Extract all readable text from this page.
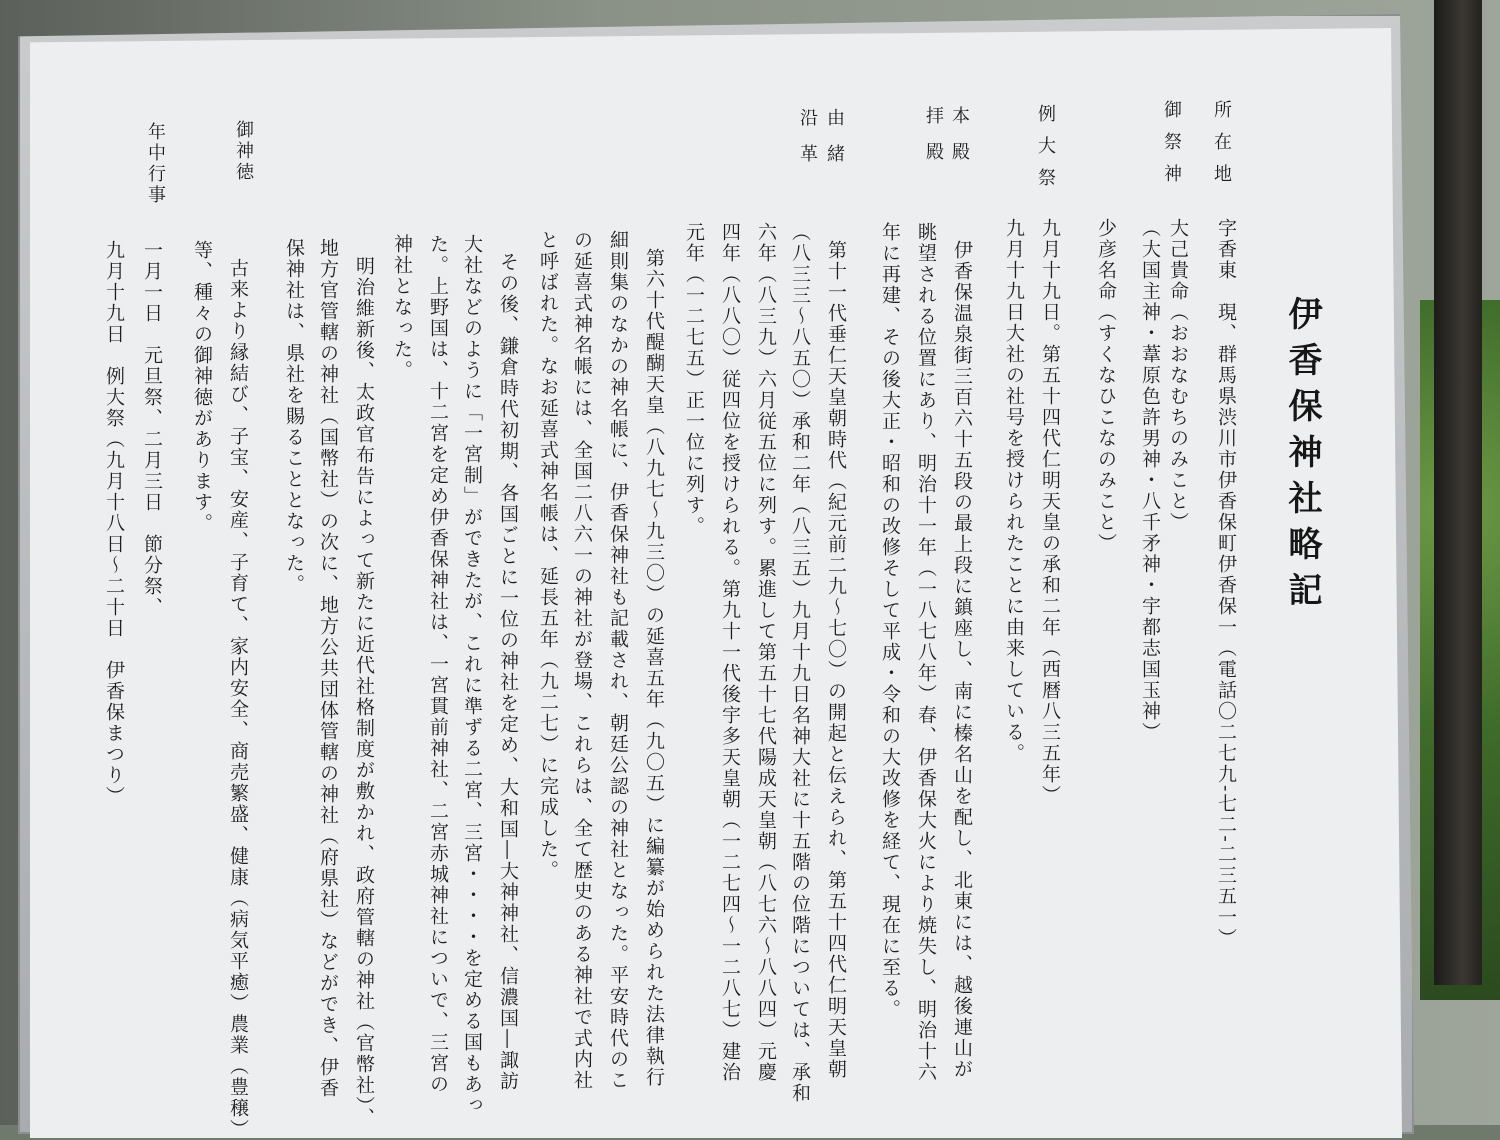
伊香保神社略記
所在地
御祭神
例大祭
本殿
拝殿
由緒
沿革
御神徳
年中行事
字香東　現、群馬県渋川市伊香保町伊香保一（電話〇二七九-七二-二三五一）
大己貴命（おおなむちのみこと）
（大国主神・葦原色許男神・八千矛神・宇都志国玉神）
少彦名命（すくなひこなのみこと）
九月十九日。第五十四代仁明天皇の承和二年（西暦八三五年）
九月十九日大社の社号を授けられたことに由来している。
伊香保温泉街三百六十五段の最上段に鎮座し、南に榛名山を配し、北東には、越後連山が
眺望される位置にあり、明治十一年（一八七八年）春、伊香保大火により焼失し、明治十六
年に再建、その後大正・昭和の改修そして平成・令和の大改修を経て、現在に至る。
第十一代垂仁天皇朝時代（紀元前二九～七〇）の開起と伝えられ、第五十四代仁明天皇朝
（八三三～八五〇）承和二年（八三五）九月十九日名神大社に十五階の位階については、承和
六年（八三九）六月従五位に列す。累進して第五十七代陽成天皇朝（八七六～八八四）元慶
四年（八八〇）従四位を授けられる。第九十一代後宇多天皇朝（一二七四～一二八七）建治
元年（一二七五）正一位に列す。
第六十代醍醐天皇（八九七～九三〇）の延喜五年（九〇五）に編纂が始められた法律執行
細則集のなかの神名帳に、伊香保神社も記載され、朝廷公認の神社となった。平安時代のこ
の延喜式神名帳には、全国二八六一の神社が登場、これらは、全て歴史のある神社で式内社
と呼ばれた。なお延喜式神名帳は、延長五年（九二七）に完成した。
その後、鎌倉時代初期、各国ごとに一位の神社を定め、大和国―大神神社、信濃国―諏訪
大社などのように「一宮制」ができたが、これに準ずる二宮、三宮・・・・を定める国もあっ
た。上野国は、十二宮を定め伊香保神社は、一宮貫前神社、二宮赤城神社についで、三宮の
神社となった。
明治維新後、太政官布告によって新たに近代社格制度が敷かれ、政府管轄の神社（官幣社）、
地方官管轄の神社（国幣社）の次に、地方公共団体管轄の神社（府県社）などができ、伊香
保神社は、県社を賜ることとなった。
古来より縁結び、子宝、安産、子育て、家内安全、商売繁盛、健康（病気平癒）農業（豊穣）
等、種々の御神徳があります。
一月一日　元旦祭、二月三日　節分祭、
九月十九日　例大祭（九月十八日～二十日　伊香保まつり）
